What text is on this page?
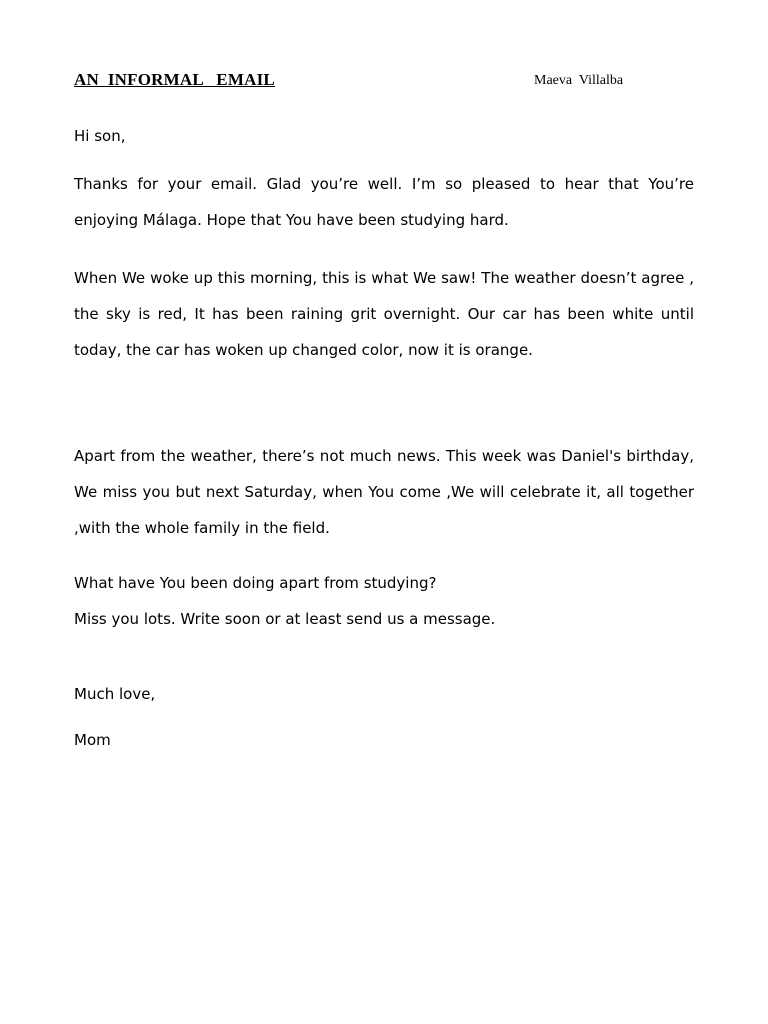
AN  INFORMAL   EMAIL	Maeva  Villalba

Hi son,

Thanks for your email. Glad you’re well. I’m so pleased to hear that You’re enjoying Málaga. Hope that You have been studying hard.

When We woke up this morning, this is what We saw! The weather doesn’t agree , the sky is red, It has been raining grit overnight. Our car has been white until today, the car has woken up changed color, now it is orange.

Apart from the weather, there’s not much news. This week was Daniel's birthday, We miss you but next Saturday, when You come ,We will celebrate it, all together ,with the whole family in the field.

What have You been doing apart from studying?

Miss you lots. Write soon or at least send us a message.

Much love,

Mom
